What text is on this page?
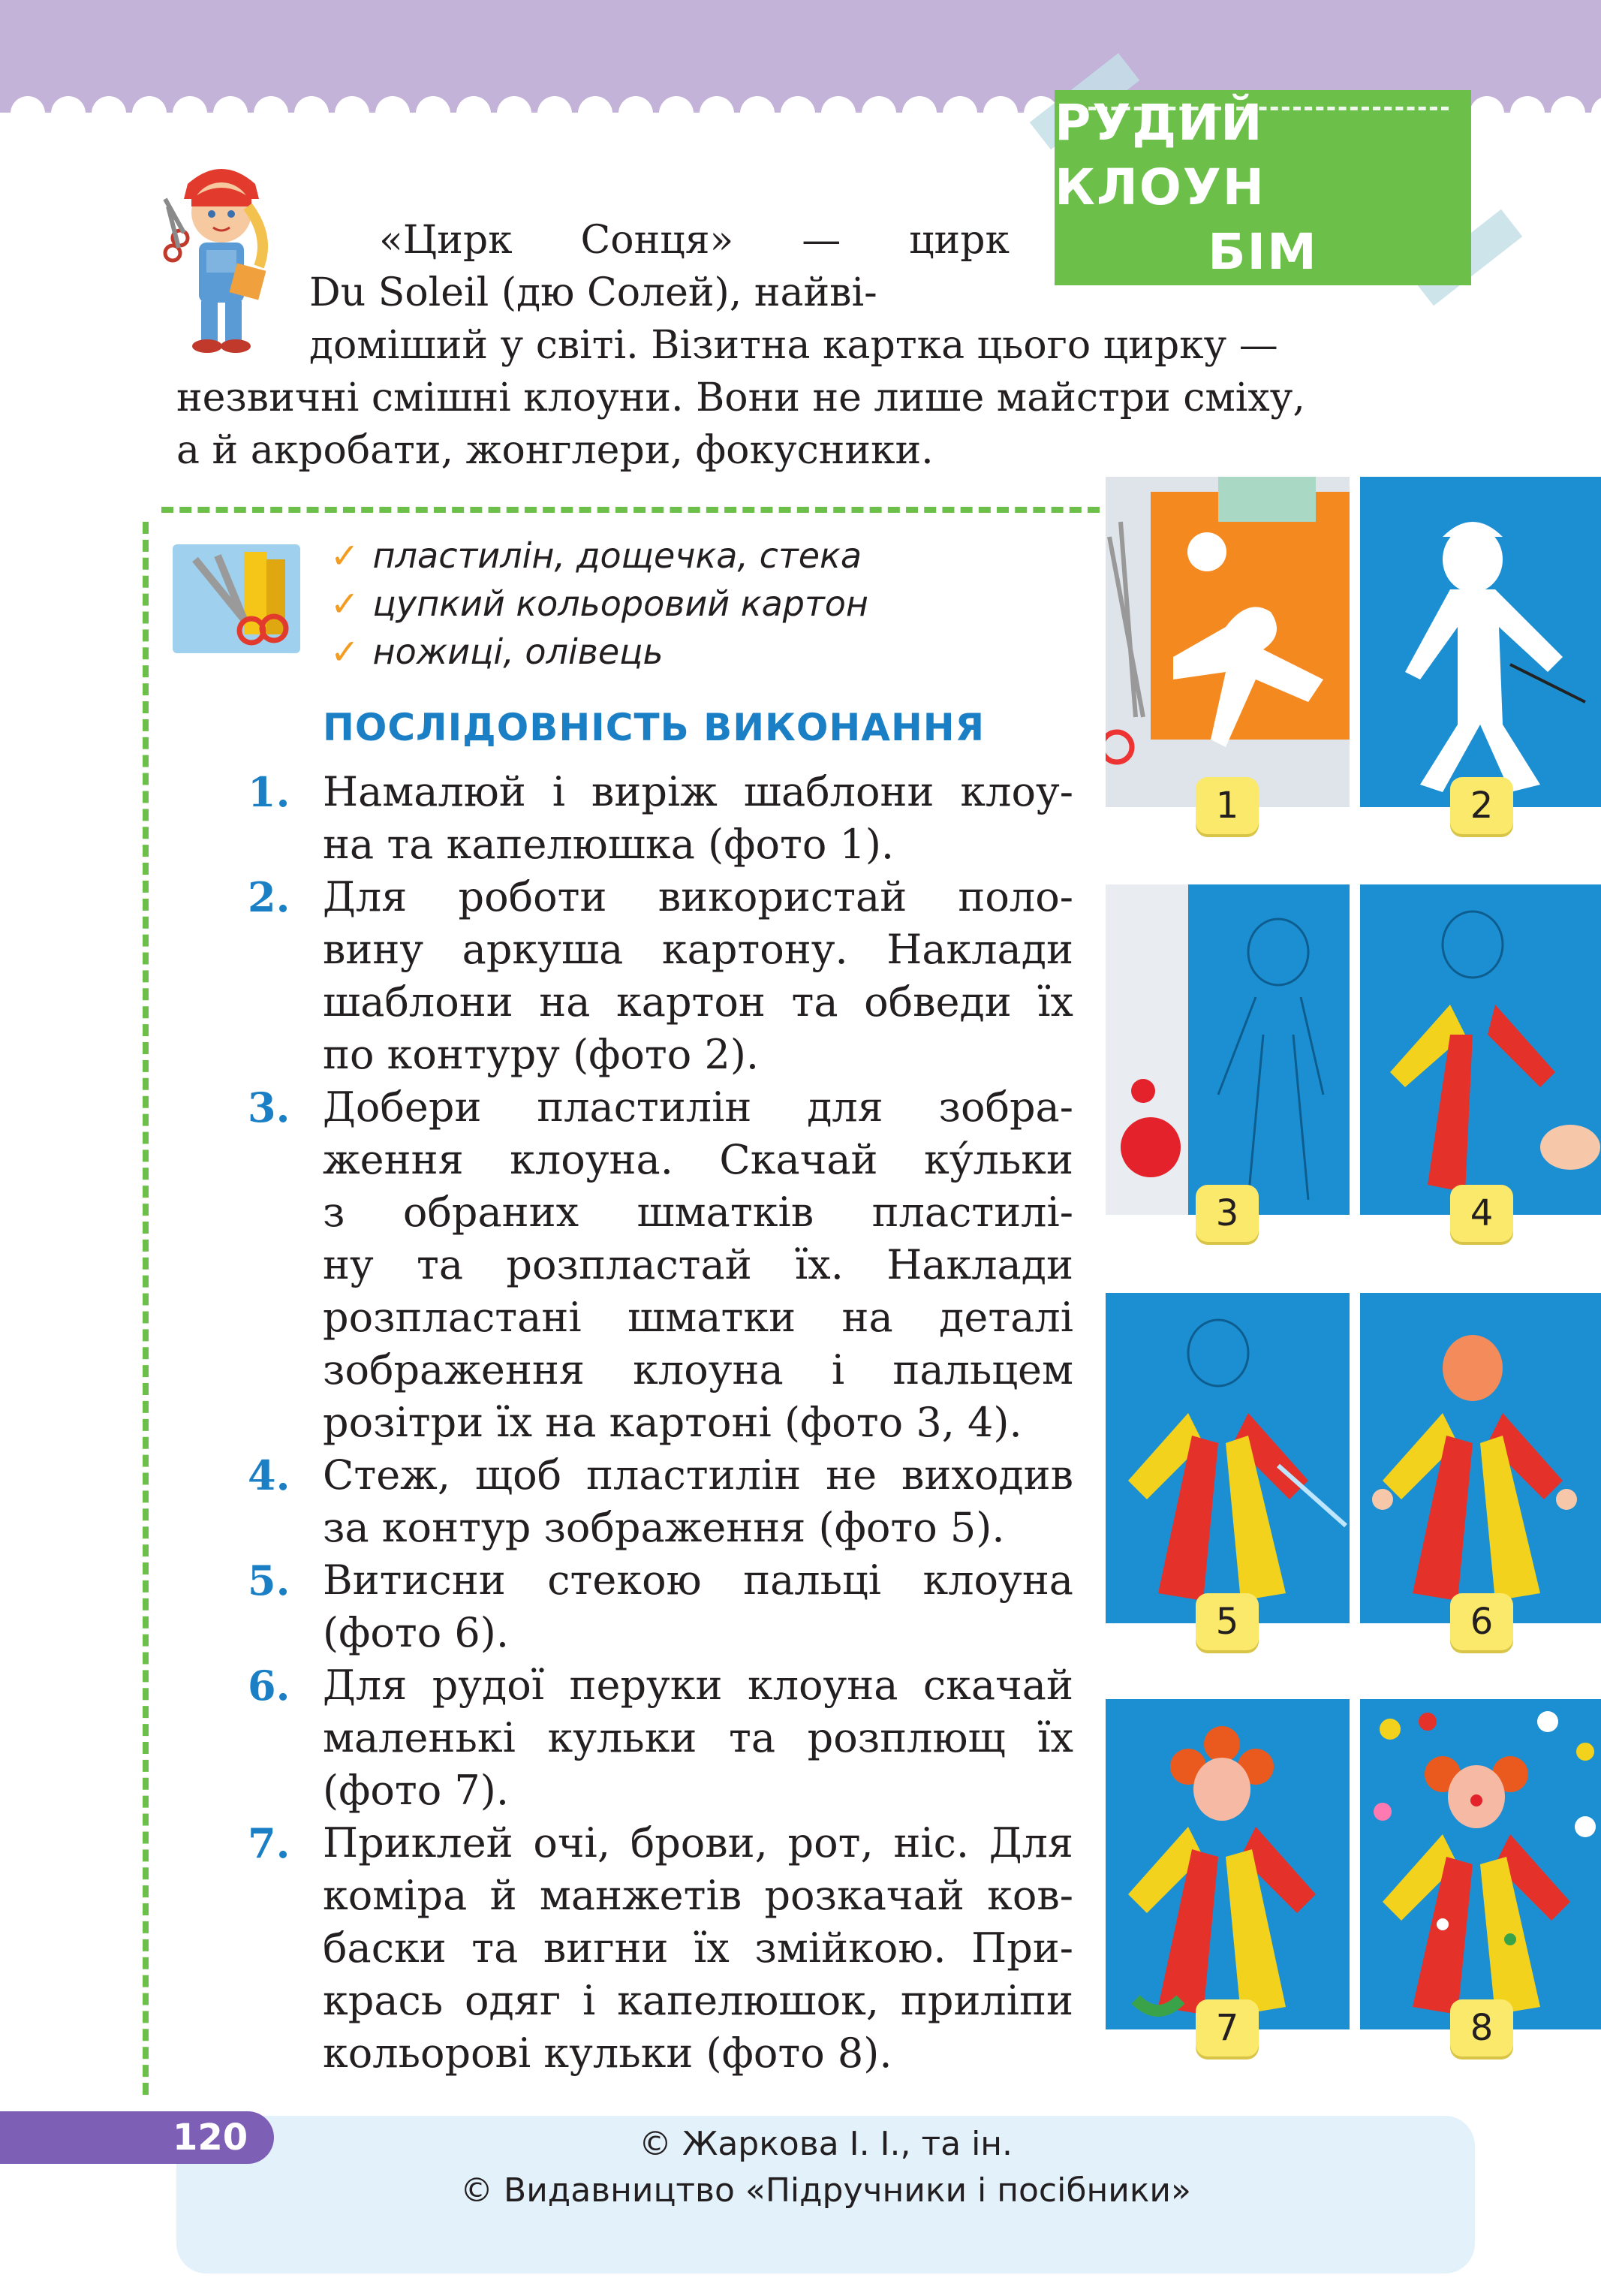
РУДИЙ КЛОУН
БІМ
«Цирк Сонця» — цирк
Du Soleil (дю Солей), найві-
доміший у світі. Візитна картка цього цирку —
незвичні смішні клоуни. Вони не лише майстри сміху,
а й акробати, жонглери, фокусники.
✓ пластилін, дощечка, стека
✓ цупкий кольоровий картон
✓ ножиці, олівець
ПОСЛІДОВНІСТЬ ВИКОНАННЯ
1. Намалюй і виріж шаблони клоу-
на та капелюшка (фото 1).
2. Для роботи використай поло-
вину аркуша картону. Наклади
шаблони на картон та обведи їх
по контуру (фото 2).
3. Добери пластилін для зобра-
ження клоуна. Скачай ку́льки
з обраних шматків пластилі-
ну та розпластай їх. Наклади
розпластані шматки на деталі
зображення клоуна і пальцем
розітри їх на картоні (фото 3, 4).
4. Стеж, щоб пластилін не виходив
за контур зображення (фото 5).
5. Витисни стекою пальці клоуна
(фото 6).
6. Для рудої перуки клоуна скачай
маленькі кульки та розплющ їх
(фото 7).
7. Приклей очі, брови, рот, ніс. Для
коміра й манжетів розкачай ков-
баски та вигни їх змійкою. При-
крась одяг і капелюшок, приліпи
кольорові кульки (фото 8).
1	2
3	4
5	6
7	8
120	© Жаркова І. І., та ін.
© Видавництво «Підручники і посібники»
